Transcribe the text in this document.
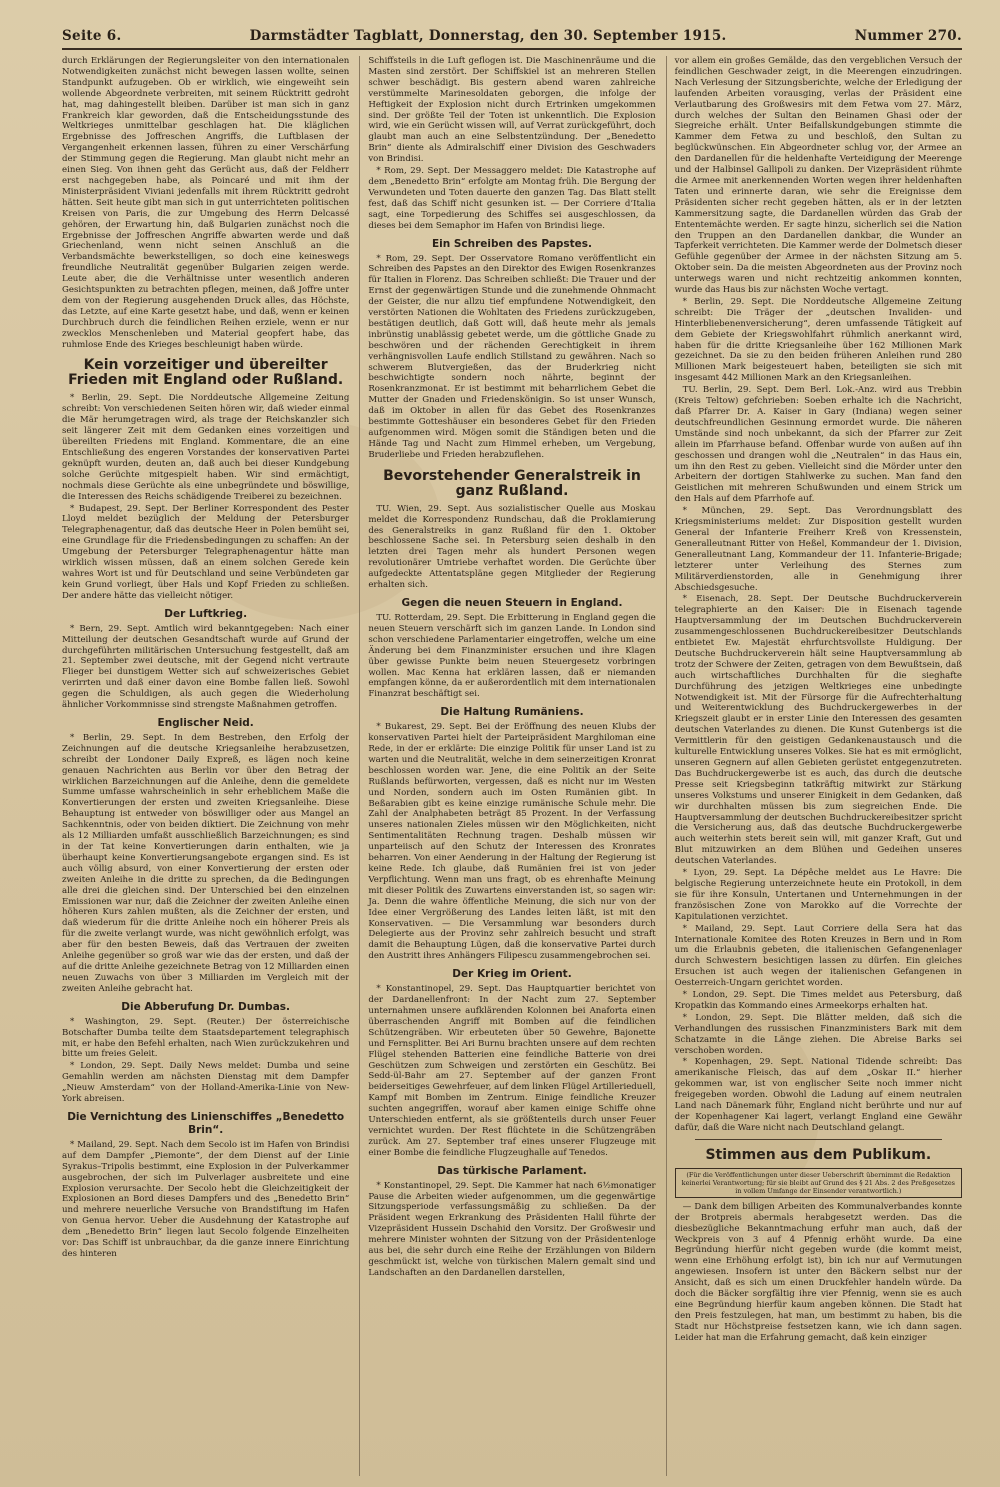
Seite 6.	Darmstädter Tagblatt, Donnerstag, den 30. September 1915.	Nummer 270.

durch Erklärungen der Regierungsleiter von den internationalen Notwendigkeiten zunächst nicht bewegen lassen wollte, seinen Standpunkt aufzugeben. Ob er wirklich, wie eingeweiht sein wollende Abgeordnete verbreiten, mit seinem Rücktritt gedroht hat, mag dahingestellt bleiben. Darüber ist man sich in ganz Frankreich klar geworden, daß die Entscheidungsstunde des Weltkrieges unmittelbar geschlagen hat. Die kläglichen Ergebnisse des Joffreschen Angriffs, die Luftblasen der Vergangenheit erkennen lassen, führen zu einer Verschärfung der Stimmung gegen die Regierung. Man glaubt nicht mehr an einen Sieg. Von ihnen geht das Gerücht aus, daß der Feldherr erst nachgegeben habe, als Poincaré und mit ihm der Ministerpräsident Viviani jedenfalls mit ihrem Rücktritt gedroht hätten. Seit heute gibt man sich in gut unterrichteten politischen Kreisen von Paris, die zur Umgebung des Herrn Delcassé gehören, der Erwartung hin, daß Bulgarien zunächst noch die Ergebnisse der Joffreschen Angriffe abwarten werde und daß Griechenland, wenn nicht seinen Anschluß an die Verbandsmächte bewerkstelligen, so doch eine keineswegs freundliche Neutralität gegenüber Bulgarien zeigen werde. Leute aber, die die Verhältnisse unter wesentlich anderen Gesichtspunkten zu betrachten pflegen, meinen, daß Joffre unter dem von der Regierung ausgehenden Druck alles, das Höchste, das Letzte, auf eine Karte gesetzt habe, und daß, wenn er keinen Durchbruch durch die feindlichen Reihen erziele, wenn er nur zwecklos Menschenleben und Material geopfert habe, das ruhmlose Ende des Krieges beschleunigt haben würde.

Kein vorzeitiger und übereilter Frieden mit England oder Rußland.

* Berlin, 29. Sept. Die Norddeutsche Allgemeine Zeitung schreibt: Von verschiedenen Seiten hören wir, daß wieder einmal die Mär herumgetragen wird, als trage der Reichskanzler sich seit längerer Zeit mit dem Gedanken eines vorzeitigen und übereilten Friedens mit England. Kommentare, die an eine Entschließung des engeren Vorstandes der konservativen Partei geknüpft wurden, deuten an, daß auch bei dieser Kundgebung solche Gerüchte mitgespielt haben. Wir sind ermächtigt, nochmals diese Gerüchte als eine unbegründete und böswillige, die Interessen des Reichs schädigende Treiberei zu bezeichnen.

* Budapest, 29. Sept. Der Berliner Korrespondent des Pester Lloyd meldet bezüglich der Meldung der Petersburger Telegraphenagentur, daß das deutsche Heer in Polen bemüht sei, eine Grundlage für die Friedensbedingungen zu schaffen: An der Umgebung der Petersburger Telegraphenagentur hätte man wirklich wissen müssen, daß an einem solchen Gerede kein wahres Wort ist und für Deutschland und seine Verbündeten gar kein Grund vorliegt, über Hals und Kopf Frieden zu schließen. Der andere hätte das vielleicht nötiger.

Der Luftkrieg.

* Bern, 29. Sept. Amtlich wird bekanntgegeben: Nach einer Mitteilung der deutschen Gesandtschaft wurde auf Grund der durchgeführten militärischen Untersuchung festgestellt, daß am 21. September zwei deutsche, mit der Gegend nicht vertraute Flieger bei dunstigem Wetter sich auf schweizerisches Gebiet verirrten und daß einer davon eine Bombe fallen ließ. Sowohl gegen die Schuldigen, als auch gegen die Wiederholung ähnlicher Vorkommnisse sind strengste Maßnahmen getroffen.

Englischer Neid.

* Berlin, 29. Sept. In dem Bestreben, den Erfolg der Zeichnungen auf die deutsche Kriegsanleihe herabzusetzen, schreibt der Londoner Daily Expreß, es lägen noch keine genauen Nachrichten aus Berlin vor über den Betrag der wirklichen Barzeichnungen auf die Anleihe, denn die gemeldete Summe umfasse wahrscheinlich in sehr erheblichem Maße die Konvertierungen der ersten und zweiten Kriegsanleihe. Diese Behauptung ist entweder von böswilliger oder aus Mangel an Sachkenntnis, oder von beiden diktiert. Die Zeichnung von mehr als 12 Milliarden umfaßt ausschließlich Barzeichnungen; es sind in der Tat keine Konvertierungen darin enthalten, wie ja überhaupt keine Konvertierungsangebote ergangen sind. Es ist auch völlig absurd, von einer Konvertierung der ersten oder zweiten Anleihe in die dritte zu sprechen, da die Bedingungen alle drei die gleichen sind. Der Unterschied bei den einzelnen Emissionen war nur, daß die Zeichner der zweiten Anleihe einen höheren Kurs zahlen mußten, als die Zeichner der ersten, und daß wiederum für die dritte Anleihe noch ein höherer Preis als für die zweite verlangt wurde, was nicht gewöhnlich erfolgt, was aber für den besten Beweis, daß das Vertrauen der zweiten Anleihe gegenüber so groß war wie das der ersten, und daß der auf die dritte Anleihe gezeichnete Betrag von 12 Milliarden einen neuen Zuwachs von über 3 Milliarden im Vergleich mit der zweiten Anleihe gebracht hat.

Die Abberufung Dr. Dumbas.

* Washington, 29. Sept. (Reuter.) Der österreichische Botschafter Dumba teilte dem Staatsdepartement telegraphisch mit, er habe den Befehl erhalten, nach Wien zurückzukehren und bitte um freies Geleit.

* London, 29. Sept. Daily News meldet: Dumba und seine Gemahlin werden am nächsten Dienstag mit dem Dampfer „Nieuw Amsterdam“ von der Holland-Amerika-Linie von New-York abreisen.

Die Vernichtung des Linienschiffes „Benedetto Brin“.

* Mailand, 29. Sept. Nach dem Secolo ist im Hafen von Brindisi auf dem Dampfer „Piemonte“, der dem Dienst auf der Linie Syrakus–Tripolis bestimmt, eine Explosion in der Pulverkammer ausgebrochen, der sich im Pulverlager ausbreitete und eine Explosion verursachte. Der Secolo hebt die Gleichzeitigkeit der Explosionen an Bord dieses Dampfers und des „Benedetto Brin“ und mehrere neuerliche Versuche von Brandstiftung im Hafen von Genua hervor. Ueber die Ausdehnung der Katastrophe auf dem „Benedetto Brin“ liegen laut Secolo folgende Einzelheiten vor: Das Schiff ist unbrauchbar, da die ganze innere Einrichtung des hinteren

Schiffsteils in die Luft geflogen ist. Die Maschinenräume und die Masten sind zerstört. Der Schiffskiel ist an mehreren Stellen schwer beschädigt. Bis gestern abend waren zahlreiche verstümmelte Marinesoldaten geborgen, die infolge der Heftigkeit der Explosion nicht durch Ertrinken umgekommen sind. Der größte Teil der Toten ist unkenntlich. Die Explosion wird, wie ein Gerücht wissen will, auf Verrat zurückgeführt, doch glaubt man auch an eine Selbstentzündung. Der „Benedetto Brin“ diente als Admiralschiff einer Division des Geschwaders von Brindisi.

* Rom, 29. Sept. Der Messaggero meldet: Die Katastrophe auf dem „Benedetto Brin“ erfolgte am Montag früh. Die Bergung der Verwundeten und Toten dauerte den ganzen Tag. Das Blatt stellt fest, daß das Schiff nicht gesunken ist. — Der Corriere d’Italia sagt, eine Torpedierung des Schiffes sei ausgeschlossen, da dieses bei dem Semaphor im Hafen von Brindisi liege.

Ein Schreiben des Papstes.

* Rom, 29. Sept. Der Osservatore Romano veröffentlicht ein Schreiben des Papstes an den Direktor des Ewigen Rosenkranzes für Italien in Florenz. Das Schreiben schließt: Die Trauer und der Ernst der gegenwärtigen Stunde und die zunehmende Ohnmacht der Geister, die nur allzu tief empfundene Notwendigkeit, den verstörten Nationen die Wohltaten des Friedens zurückzugeben, bestätigen deutlich, daß Gott will, daß heute mehr als jemals inbrünstig unablässig gebetet werde, um die göttliche Gnade zu beschwören und der rächenden Gerechtigkeit in ihrem verhängnisvollen Laufe endlich Stillstand zu gewähren. Nach so schwerem Blutvergießen, das der Bruderkrieg nicht beschwichtigte sondern noch nährte, beginnt der Rosenkranzmonat. Er ist bestimmt mit beharrlichem Gebet die Mutter der Gnaden und Friedenskönigin. So ist unser Wunsch, daß im Oktober in allen für das Gebet des Rosenkranzes bestimmte Gotteshäuser ein besonderes Gebet für den Frieden aufgenommen wird. Mögen somit die Ständigen beten und die Hände Tag und Nacht zum Himmel erheben, um Vergebung, Bruderliebe und Frieden herabzuflehen.

Bevorstehender Generalstreik in ganz Rußland.

TU. Wien, 29. Sept. Aus sozialistischer Quelle aus Moskau meldet die Korrespondenz Rundschau, daß die Proklamierung des Generalstreiks in ganz Rußland für den 1. Oktober beschlossene Sache sei. In Petersburg seien deshalb in den letzten drei Tagen mehr als hundert Personen wegen revolutionärer Umtriebe verhaftet worden. Die Gerüchte über aufgedeckte Attentatspläne gegen Mitglieder der Regierung erhalten sich.

Gegen die neuen Steuern in England.

TU. Rotterdam, 29. Sept. Die Erbitterung in England gegen die neuen Steuern verschärft sich im ganzen Lande. In London sind schon verschiedene Parlamentarier eingetroffen, welche um eine Änderung bei dem Finanzminister ersuchen und ihre Klagen über gewisse Punkte beim neuen Steuergesetz vorbringen wollen. Mac Kenna hat erklären lassen, daß er niemanden empfangen könne, da er außerordentlich mit dem internationalen Finanzrat beschäftigt sei.

Die Haltung Rumäniens.

* Bukarest, 29. Sept. Bei der Eröffnung des neuen Klubs der konservativen Partei hielt der Parteipräsident Marghiloman eine Rede, in der er erklärte: Die einzige Politik für unser Land ist zu warten und die Neutralität, welche in dem seinerzeitigen Kronrat beschlossen worden war. Jene, die eine Politik an der Seite Rußlands befürworten, vergessen, daß es nicht nur im Westen und Norden, sondern auch im Osten Rumänien gibt. In Beßarabien gibt es keine einzige rumänische Schule mehr. Die Zahl der Analphabeten beträgt 85 Prozent. In der Verfassung unseres nationalen Zieles müssen wir den Möglichkeiten, nicht Sentimentalitäten Rechnung tragen. Deshalb müssen wir unparteiisch auf den Schutz der Interessen des Kronrates beharren. Von einer Aenderung in der Haltung der Regierung ist keine Rede. Ich glaube, daß Rumänien frei ist von jeder Verpflichtung. Wenn man uns fragt, ob es ehrenhafte Meinung mit dieser Politik des Zuwartens einverstanden ist, so sagen wir: Ja. Denn die wahre öffentliche Meinung, die sich nur von der Idee einer Vergrößerung des Landes leiten läßt, ist mit den Konservativen. — Die Versammlung war besonders durch Delegierte aus der Provinz sehr zahlreich besucht und straft damit die Behauptung Lügen, daß die konservative Partei durch den Austritt ihres Anhängers Filipescu zusammengebrochen sei.

Der Krieg im Orient.

* Konstantinopel, 29. Sept. Das Hauptquartier berichtet von der Dardanellenfront: In der Nacht zum 27. September unternahmen unsere aufklärenden Kolonnen bei Anaforta einen überraschenden Angriff mit Bomben auf die feindlichen Schützengräben. Wir erbeuteten über 50 Gewehre, Bajonette und Fernsplitter. Bei Ari Burnu brachten unsere auf dem rechten Flügel stehenden Batterien eine feindliche Batterie von drei Geschützen zum Schweigen und zerstörten ein Geschütz. Bei Sedd-ül-Bahr am 27. September auf der ganzen Front beiderseitiges Gewehrfeuer, auf dem linken Flügel Artillerieduell, Kampf mit Bomben im Zentrum. Einige feindliche Kreuzer suchten angegriffen, worauf aber kamen einige Schiffe ohne Unterschieden entfernt, als sie größtenteils durch unser Feuer vernichtet wurden. Der Rest flüchtete in die Schützengräben zurück. Am 27. September traf eines unserer Flugzeuge mit einer Bombe die feindliche Flugzeughalle auf Tenedos.

Das türkische Parlament.

* Konstantinopel, 29. Sept. Die Kammer hat nach 6½monatiger Pause die Arbeiten wieder aufgenommen, um die gegenwärtige Sitzungsperiode verfassungsmäßig zu schließen. Da der Präsident wegen Erkrankung des Präsidenten Halil führte der Vizepräsident Hussein Dschahid den Vorsitz. Der Großwesir und mehrere Minister wohnten der Sitzung von der Präsidentenloge aus bei, die sehr durch eine Reihe der Erzählungen von Bildern geschmückt ist, welche von türkischen Malern gemalt sind und Landschaften an den Dardanellen darstellen,

vor allem ein großes Gemälde, das den vergeblichen Versuch der feindlichen Geschwader zeigt, in die Meerengen einzudringen. Nach Verlesung der Sitzungsberichte, welche der Erledigung der laufenden Arbeiten vorausging, verlas der Präsident eine Verlautbarung des Großwesirs mit dem Fetwa vom 27. März, durch welches der Sultan den Beinamen Ghasi oder der Siegreiche erhält. Unter Beifallskundgebungen stimmte die Kammer dem Fetwa zu und beschloß, den Sultan zu beglückwünschen. Ein Abgeordneter schlug vor, der Armee an den Dardanellen für die heldenhafte Verteidigung der Meerenge und der Halbinsel Gallipoli zu danken. Der Vizepräsident rühmte die Armee mit anerkennenden Worten wegen ihrer heldenhaften Taten und erinnerte daran, wie sehr die Ereignisse dem Präsidenten sicher recht gegeben hätten, als er in der letzten Kammersitzung sagte, die Dardanellen würden das Grab der Ententemächte werden. Er sagte hinzu, sicherlich sei die Nation den Truppen an den Dardanellen dankbar, die Wunder an Tapferkeit verrichteten. Die Kammer werde der Dolmetsch dieser Gefühle gegenüber der Armee in der nächsten Sitzung am 5. Oktober sein. Da die meisten Abgeordneten aus der Provinz noch unterwegs waren und nicht rechtzeitig ankommen konnten, wurde das Haus bis zur nächsten Woche vertagt.

* Berlin, 29. Sept. Die Norddeutsche Allgemeine Zeitung schreibt: Die Träger der „deutschen Invaliden- und Hinterbliebenenversicherung“, deren umfassende Tätigkeit auf dem Gebiete der Kriegswohlfahrt rühmlich anerkannt wird, haben für die dritte Kriegsanleihe über 162 Millionen Mark gezeichnet. Da sie zu den beiden früheren Anleihen rund 280 Millionen Mark beigesteuert haben, beteiligten sie sich mit insgesamt 442 Millionen Mark an den Kriegsanleihen.

TU. Berlin, 29. Sept. Dem Berl. Lok.-Anz. wird aus Trebbin (Kreis Teltow) gefchrieben: Soeben erhalte ich die Nachricht, daß Pfarrer Dr. A. Kaiser in Gary (Indiana) wegen seiner deutschfreundlichen Gesinnung ermordet wurde. Die näheren Umstände sind noch unbekannt, da sich der Pfarrer zur Zeit allein im Pfarrhause befand. Offenbar wurde von außen auf ihn geschossen und drangen wohl die „Neutralen“ in das Haus ein, um ihn den Rest zu geben. Vielleicht sind die Mörder unter den Arbeitern der dortigen Stahlwerke zu suchen. Man fand den Geistlichen mit mehreren Schußwunden und einem Strick um den Hals auf dem Pfarrhofe auf.

* München, 29. Sept. Das Verordnungsblatt des Kriegsministeriums meldet: Zur Disposition gestellt wurden General der Infanterie Freiherr Kreß von Kressenstein, Generalleutnant Ritter von Heßel, Kommandeur der 1. Division, Generalleutnant Lang, Kommandeur der 11. Infanterie-Brigade; letzterer unter Verleihung des Sternes zum Militärverdienstorden, alle in Genehmigung ihrer Abschiedsgesuche.

* Eisenach, 28. Sept. Der Deutsche Buchdruckerverein telegraphierte an den Kaiser: Die in Eisenach tagende Hauptversammlung der im Deutschen Buchdruckerverein zusammengeschlossenen Buchdruckereibesitzer Deutschlands entbietet Ew. Majestät ehrfurchtsvollste Huldigung. Der Deutsche Buchdruckerverein hält seine Hauptversammlung ab trotz der Schwere der Zeiten, getragen von dem Bewußtsein, daß auch wirtschaftliches Durchhalten für die sieghafte Durchführung des jetzigen Weltkrieges eine unbedingte Notwendigkeit ist. Mit der Fürsorge für die Aufrechterhaltung und Weiterentwicklung des Buchdruckergewerbes in der Kriegszeit glaubt er in erster Linie den Interessen des gesamten deutschen Vaterlandes zu dienen. Die Kunst Gutenbergs ist die Vermittlerin für den geistigen Gedankenaustausch und die kulturelle Entwicklung unseres Volkes. Sie hat es mit ermöglicht, unseren Gegnern auf allen Gebieten gerüstet entgegenzutreten. Das Buchdruckergewerbe ist es auch, das durch die deutsche Presse seit Kriegsbeginn tatkräftig mitwirkt zur Stärkung unseres Volkstums und unserer Einigkeit in dem Gedanken, daß wir durchhalten müssen bis zum siegreichen Ende. Die Hauptversammlung der deutschen Buchdruckereibesitzer spricht die Versicherung aus, daß das deutsche Buchdruckergewerbe auch weiterhin stets bereit sein will, mit ganzer Kraft, Gut und Blut mitzuwirken an dem Blühen und Gedeihen unseres deutschen Vaterlandes.

* Lyon, 29. Sept. La Dépêche meldet aus Le Havre: Die belgische Regierung unterzeichnete heute ein Protokoll, in dem sie für ihre Konsuln, Untertanen und Unternehmungen in der französischen Zone von Marokko auf die Vorrechte der Kapitulationen verzichtet.

* Mailand, 29. Sept. Laut Corriere della Sera hat das Internationale Komitee des Roten Kreuzes in Bern und in Rom um die Erlaubnis gebeten, die italienischen Gefangenenlager durch Schwestern besichtigen lassen zu dürfen. Ein gleiches Ersuchen ist auch wegen der italienischen Gefangenen in Oesterreich-Ungarn gerichtet worden.

* London, 29. Sept. Die Times meldet aus Petersburg, daß Kropatkin das Kommando eines Armeekorps erhalten hat.

* London, 29. Sept. Die Blätter melden, daß sich die Verhandlungen des russischen Finanzministers Bark mit dem Schatzamte in die Länge ziehen. Die Abreise Barks sei verschoben worden.

* Kopenhagen, 29. Sept. National Tidende schreibt: Das amerikanische Fleisch, das auf dem „Oskar II.“ hierher gekommen war, ist von englischer Seite noch immer nicht freigegeben worden. Obwohl die Ladung auf einem neutralen Land nach Dänemark führ, England nicht berührte und nur auf der Kopenhagener Kai lagert, verlangt England eine Gewähr dafür, daß die Ware nicht nach Deutschland gelangt.

Stimmen aus dem Publikum.
(Für die Veröffentlichungen unter dieser Ueberschrift übernimmt die Redaktion keinerlei Verantwortung; für sie bleibt auf Grund des § 21 Abs. 2 des Preßgesetzes in vollem Umfange der Einsender verantwortlich.)

— Dank dem billigen Arbeiten des Kommunalverbandes konnte der Brotpreis abermals herabgesetzt werden. Das die diesbezügliche Bekanntmachung erfuhr man auch, daß der Weckpreis von 3 auf 4 Pfennig erhöht wurde. Da eine Begründung hierfür nicht gegeben wurde (die kommt meist, wenn eine Erhöhung erfolgt ist), bin ich nur auf Vermutungen angewiesen. Insofern ist unter den Bäckern selbst nur der Ansicht, daß es sich um einen Druckfehler handeln würde. Da doch die Bäcker sorgfältig ihre vier Pfennig, wenn sie es auch eine Begründung hierfür kaum angeben können. Die Stadt hat den Preis festzulegen, hat man, um bestimmt zu haben, bis die Stadt nur Höchstpreise festsetzen kann, wie ich dann sagen. Leider hat man die Erfahrung gemacht, daß kein einziger
